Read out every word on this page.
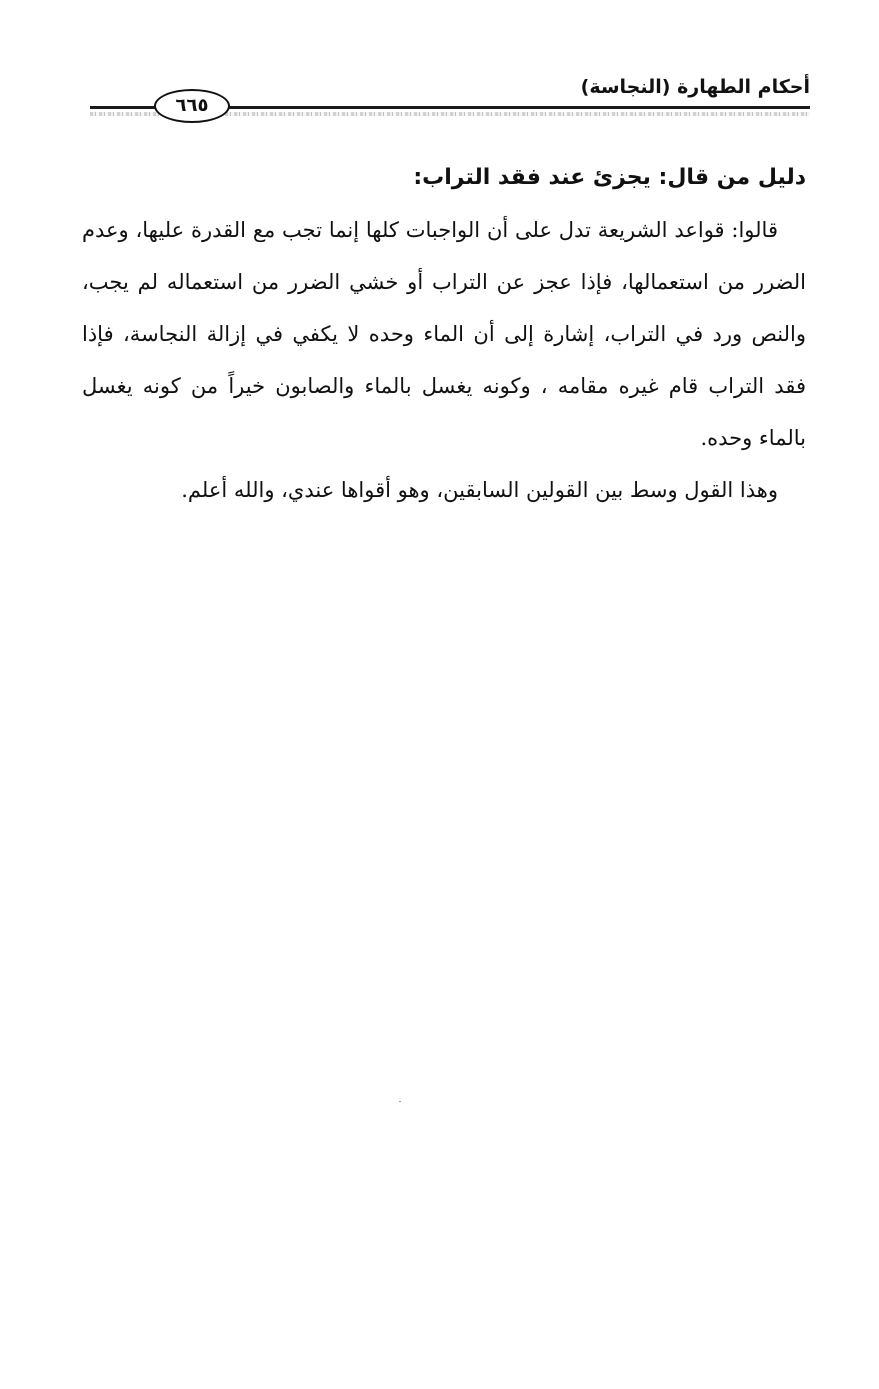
أحكام الطهارة (النجاسة)
٦٦٥
دليل من قال: يجزئ عند فقد التراب:

قالوا: قواعد الشريعة تدل على أن الواجبات كلها إنما تجب مع القدرة عليها، وعدم الضرر من استعمالها، فإذا عجز عن التراب أو خشي الضرر من استعماله لم يجب، والنص ورد في التراب، إشارة إلى أن الماء وحده لا يكفي في إزالة النجاسة، فإذا فقد التراب قام غيره مقامه ، وكونه يغسل بالماء والصابون خيراً من كونه يغسل بالماء وحده.

وهذا القول وسط بين القولين السابقين، وهو أقواها عندي، والله أعلم.
